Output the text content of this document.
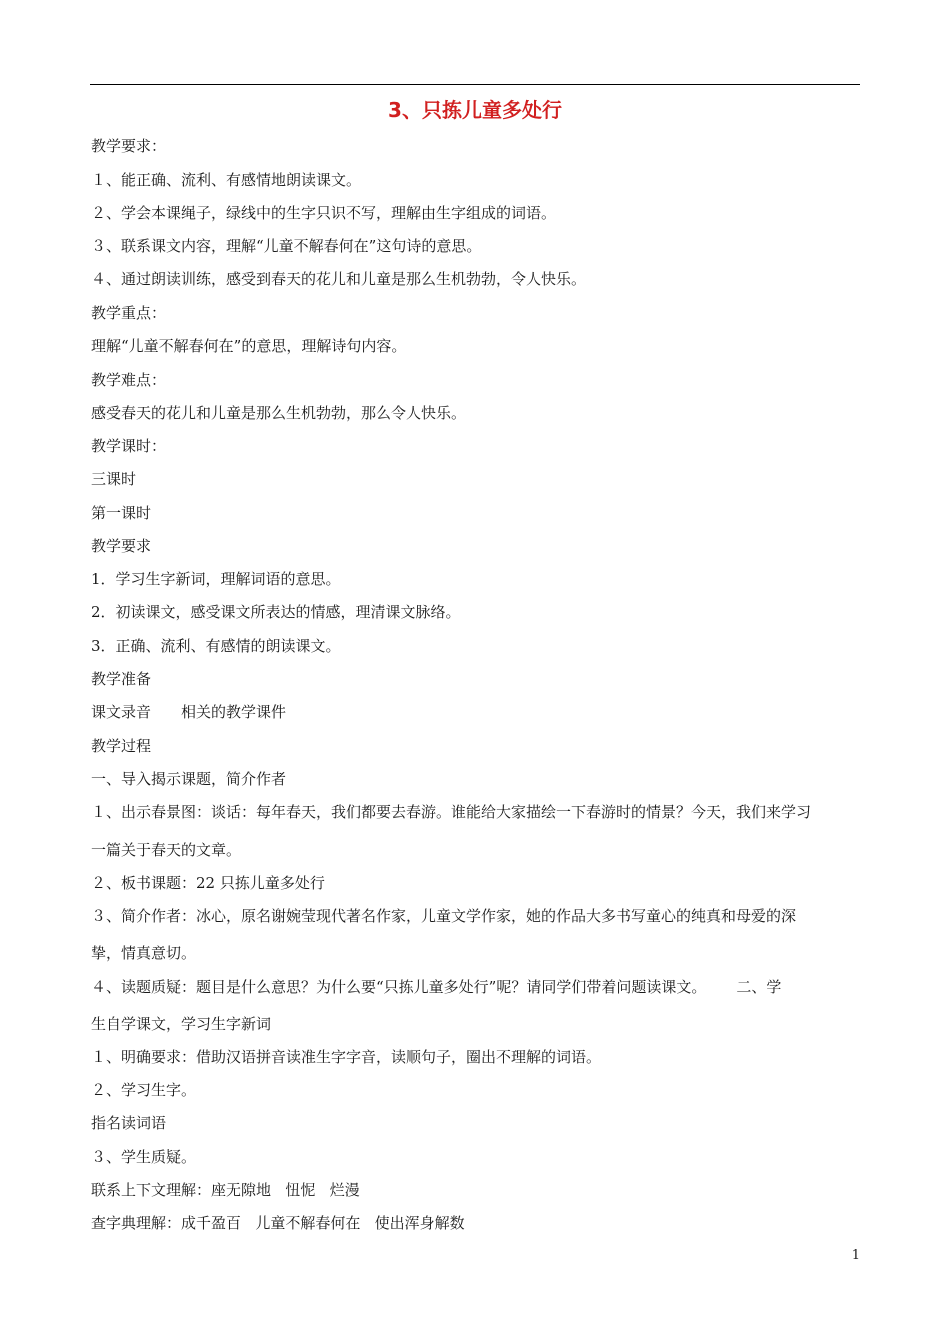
3、只拣儿童多处行
教学要求：
１、能正确、流利、有感情地朗读课文。
２、学会本课绳子，绿线中的生字只识不写，理解由生字组成的词语。
３、联系课文内容，理解“儿童不解春何在”这句诗的意思。
４、通过朗读训练，感受到春天的花儿和儿童是那么生机勃勃，令人快乐。
教学重点：
理解“儿童不解春何在”的意思，理解诗句内容。
教学难点：
感受春天的花儿和儿童是那么生机勃勃，那么令人快乐。
教学课时：
三课时
第一课时
教学要求
1．学习生字新词，理解词语的意思。
2．初读课文，感受课文所表达的情感，理清课文脉络。
3．正确、流利、有感情的朗读课文。
教学准备
课文录音 相关的教学课件
教学过程
一、导入揭示课题，简介作者
１、出示春景图：谈话：每年春天，我们都要去春游。谁能给大家描绘一下春游时的情景？今天，我们来学习
一篇关于春天的文章。
２、板书课题：22 只拣儿童多处行
３、简介作者：冰心，原名谢婉莹现代著名作家，儿童文学作家，她的作品大多书写童心的纯真和母爱的深
挚，情真意切。
４、读题质疑：题目是什么意思？为什么要“只拣儿童多处行”呢？请同学们带着问题读课文。 二、学
生自学课文，学习生字新词
１、明确要求：借助汉语拼音读准生字字音，读顺句子，圈出不理解的词语。
２、学习生字。
指名读词语
３、学生质疑。
联系上下文理解：座无隙地 忸怩 烂漫
查字典理解：成千盈百 儿童不解春何在 使出浑身解数
1
